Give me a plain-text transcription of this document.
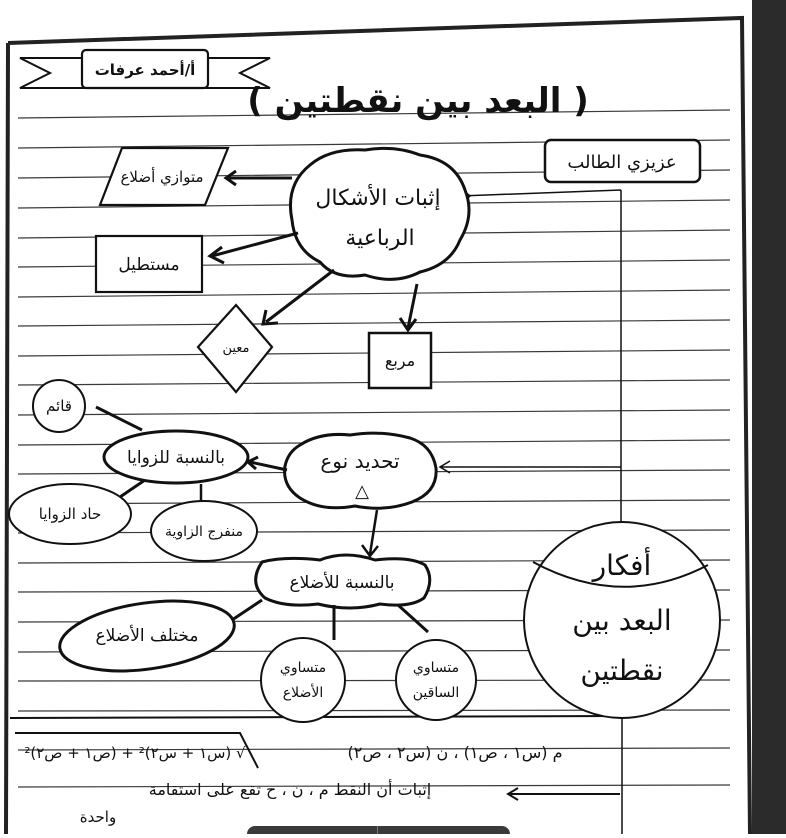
أ/أحمد عرفات
( البعد بين نقطتين )
عزيزي الطالب
إثبات الأشكال
الرباعية
متوازي أضلاع
مستطيل
معين
مربع
تحديد نوع
△
بالنسبة للزوايا
قائم
حاد الزوايا
منفرج الزاوية
بالنسبة للأضلاع
مختلف الأضلاع
متساوي
الأضلاع
متساوي
الساقين
أفكار
البعد بين
نقطتين
√ (س١ + س٢)² + (ص١ + ص٢)²	م (س١ ، ص١) ، ن (س٢ ، ص٢)
إثبات أن النقط م ، ن ، ح تقع على استقامة
واحدة
